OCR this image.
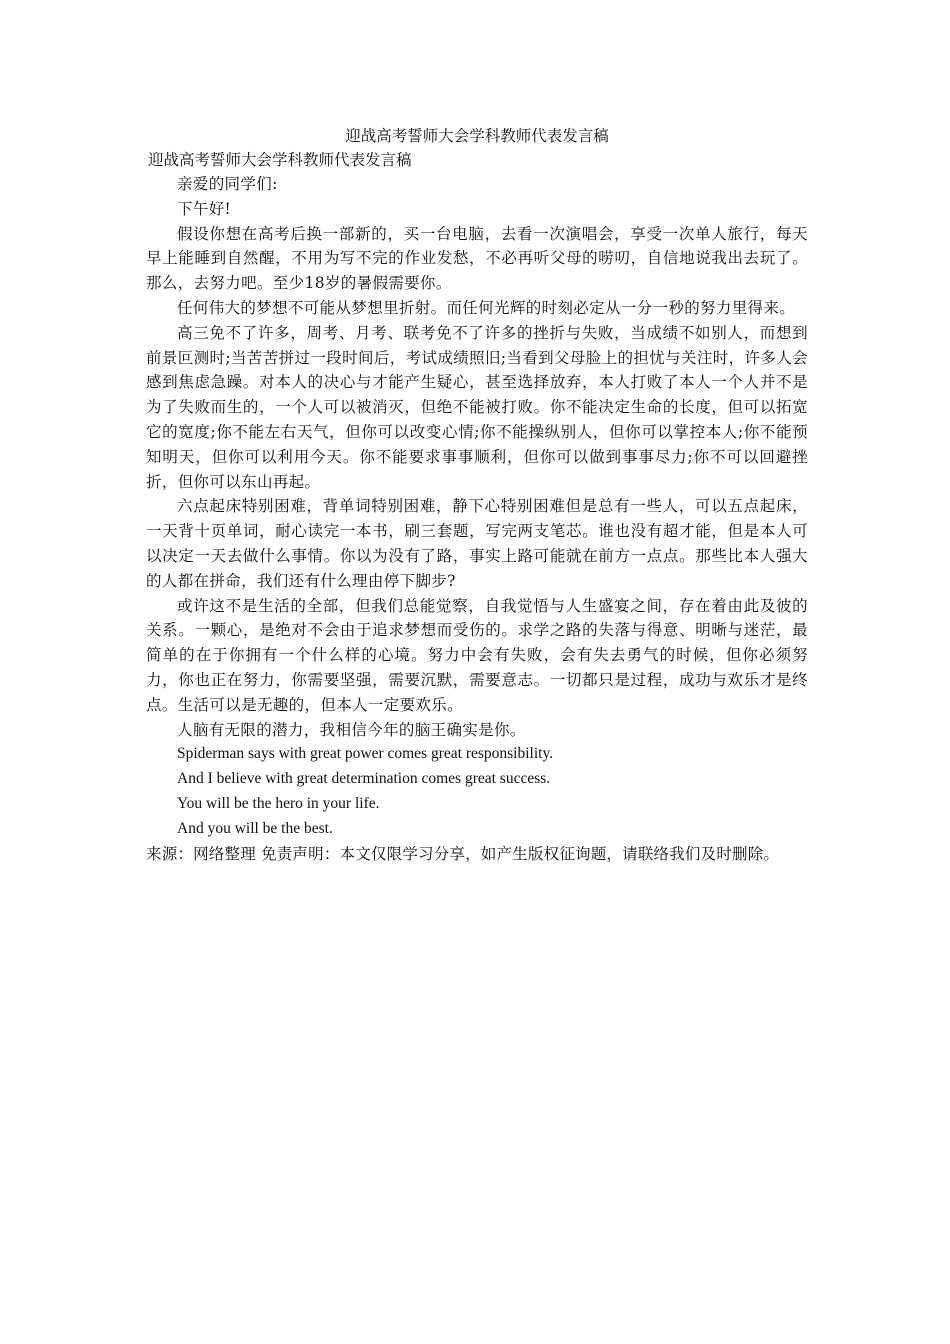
迎战高考誓师大会学科教师代表发言稿

迎战高考誓师大会学科教师代表发言稿

亲爱的同学们:

下午好!

假设你想在高考后换一部新的，买一台电脑，去看一次演唱会，享受一次单人旅行，每天早上能睡到自然醒，不用为写不完的作业发愁，不必再听父母的唠叨，自信地说我出去玩了。那么，去努力吧。至少18岁的暑假需要你。

任何伟大的梦想不可能从梦想里折射。而任何光辉的时刻必定从一分一秒的努力里得来。

高三免不了许多，周考、月考、联考免不了许多的挫折与失败，当成绩不如别人，而想到前景叵测时;当苦苦拼过一段时间后，考试成绩照旧;当看到父母脸上的担忧与关注时，许多人会感到焦虑急躁。对本人的决心与才能产生疑心，甚至选择放弃，本人打败了本人一个人并不是为了失败而生的，一个人可以被消灭，但绝不能被打败。你不能决定生命的长度，但可以拓宽它的宽度;你不能左右天气，但你可以改变心情;你不能操纵别人，但你可以掌控本人;你不能预知明天，但你可以利用今天。你不能要求事事顺利，但你可以做到事事尽力;你不可以回避挫折，但你可以东山再起。

六点起床特别困难，背单词特别困难，静下心特别困难但是总有一些人，可以五点起床，一天背十页单词，耐心读完一本书，刷三套题，写完两支笔芯。谁也没有超才能，但是本人可以决定一天去做什么事情。你以为没有了路，事实上路可能就在前方一点点。那些比本人强大的人都在拼命，我们还有什么理由停下脚步?

或许这不是生活的全部，但我们总能觉察，自我觉悟与人生盛宴之间，存在着由此及彼的关系。一颗心，是绝对不会由于追求梦想而受伤的。求学之路的失落与得意、明晰与迷茫，最简单的在于你拥有一个什么样的心境。努力中会有失败，会有失去勇气的时候，但你必须努力，你也正在努力，你需要坚强，需要沉默，需要意志。一切都只是过程，成功与欢乐才是终点。生活可以是无趣的，但本人一定要欢乐。

人脑有无限的潜力，我相信今年的脑王确实是你。

Spiderman says with great power comes great responsibility.

And I believe with great determination comes great success.

You will be the hero in your life.

And you will be the best.

来源：网络整理 免责声明：本文仅限学习分享，如产生版权征询题，请联络我们及时删除。
